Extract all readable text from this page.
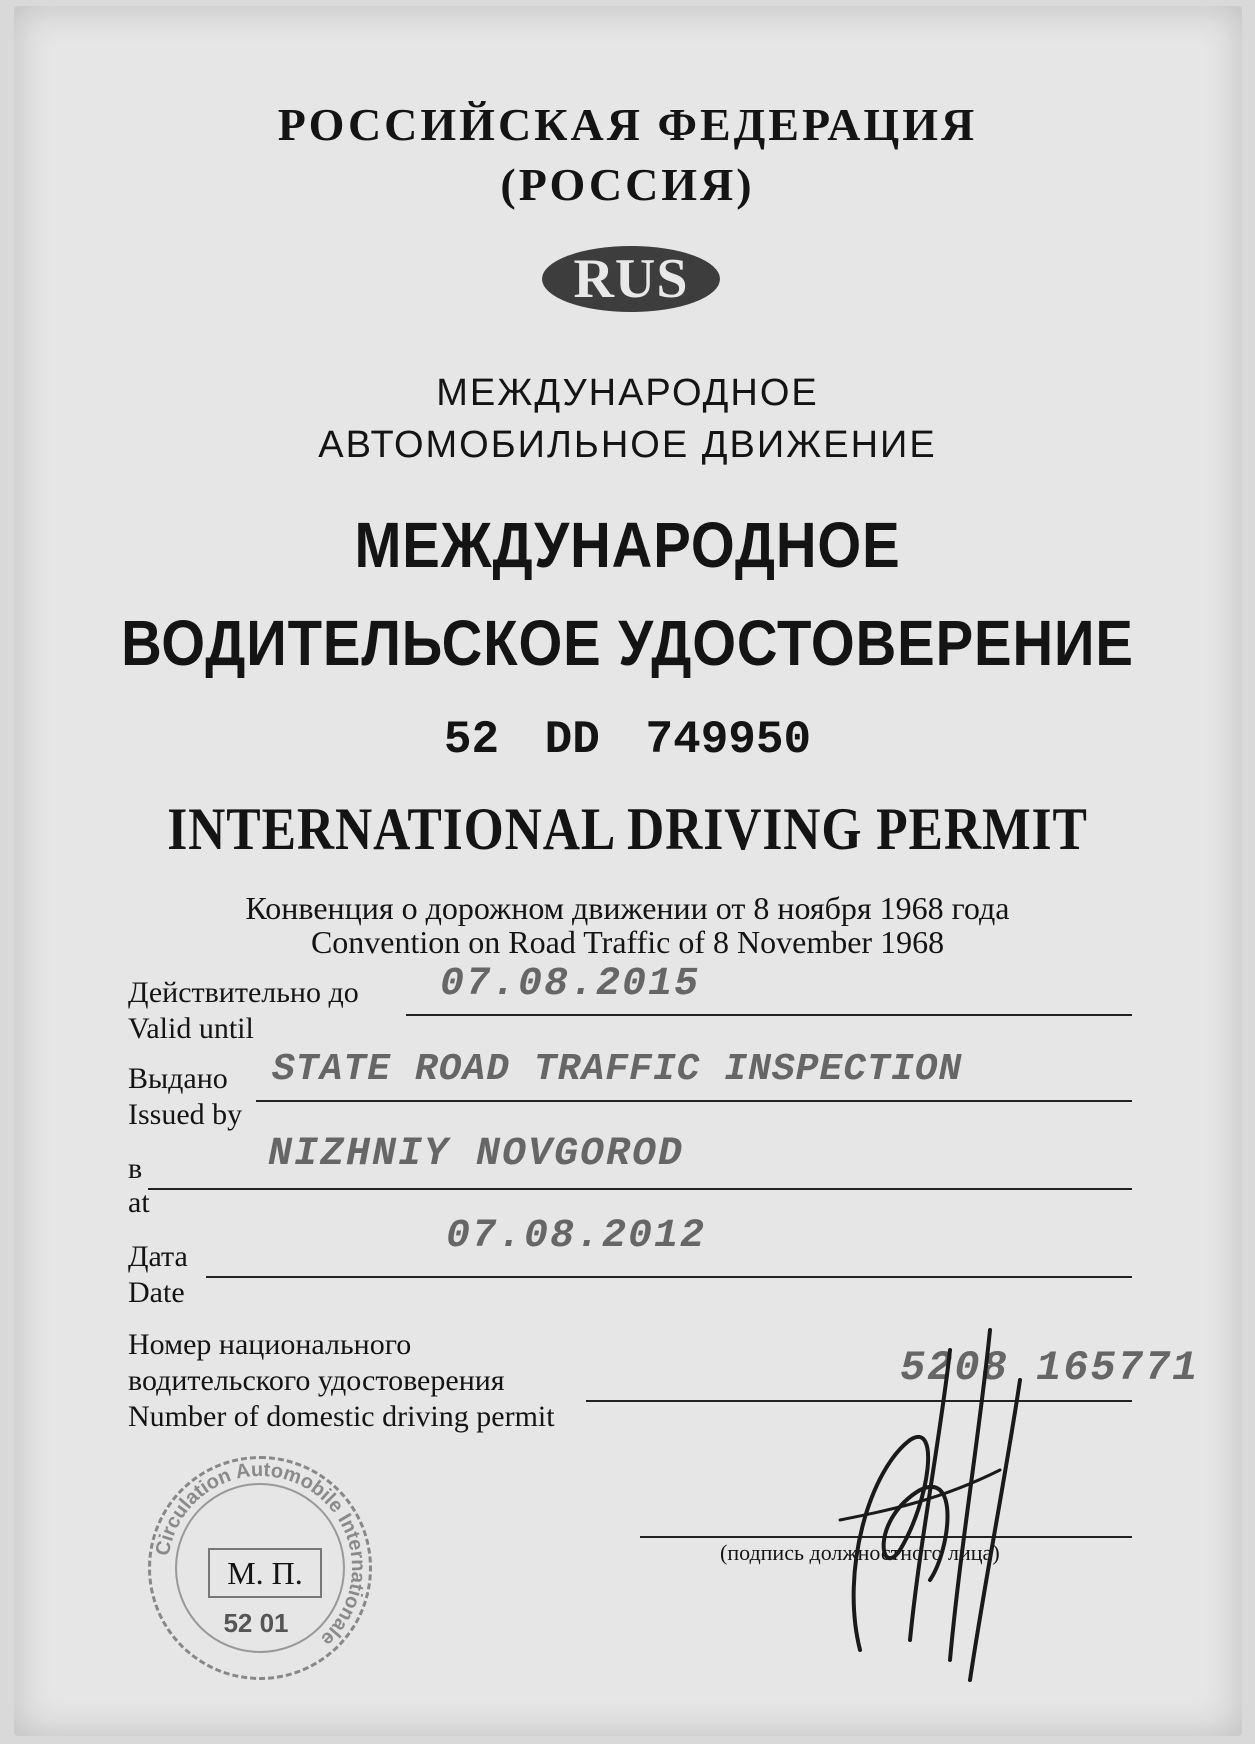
РОССИЙСКАЯ ФЕДЕРАЦИЯ
(РОССИЯ)
RUS
МЕЖДУНАРОДНОЕ
АВТОМОБИЛЬНОЕ ДВИЖЕНИЕ
МЕЖДУНАРОДНОЕ
ВОДИТЕЛЬСКОЕ УДОСТОВЕРЕНИЕ
52 DD 749950
INTERNATIONAL DRIVING PERMIT
Конвенция о дорожном движении от 8 ноября 1968 года
Convention on Road Traffic of 8 November 1968
Действительно до
Valid until
07.08.2015
Выдано
Issued by
STATE ROAD TRAFFIC INSPECTION
в
at
NIZHNIY NOVGOROD
Дата
Date
07.08.2012
Номер национального
водительского удостоверения
Number of domestic driving permit
5208 165771
Circulation Automobile Internationale
М. П.
52 01
(подпись должностного лица)
